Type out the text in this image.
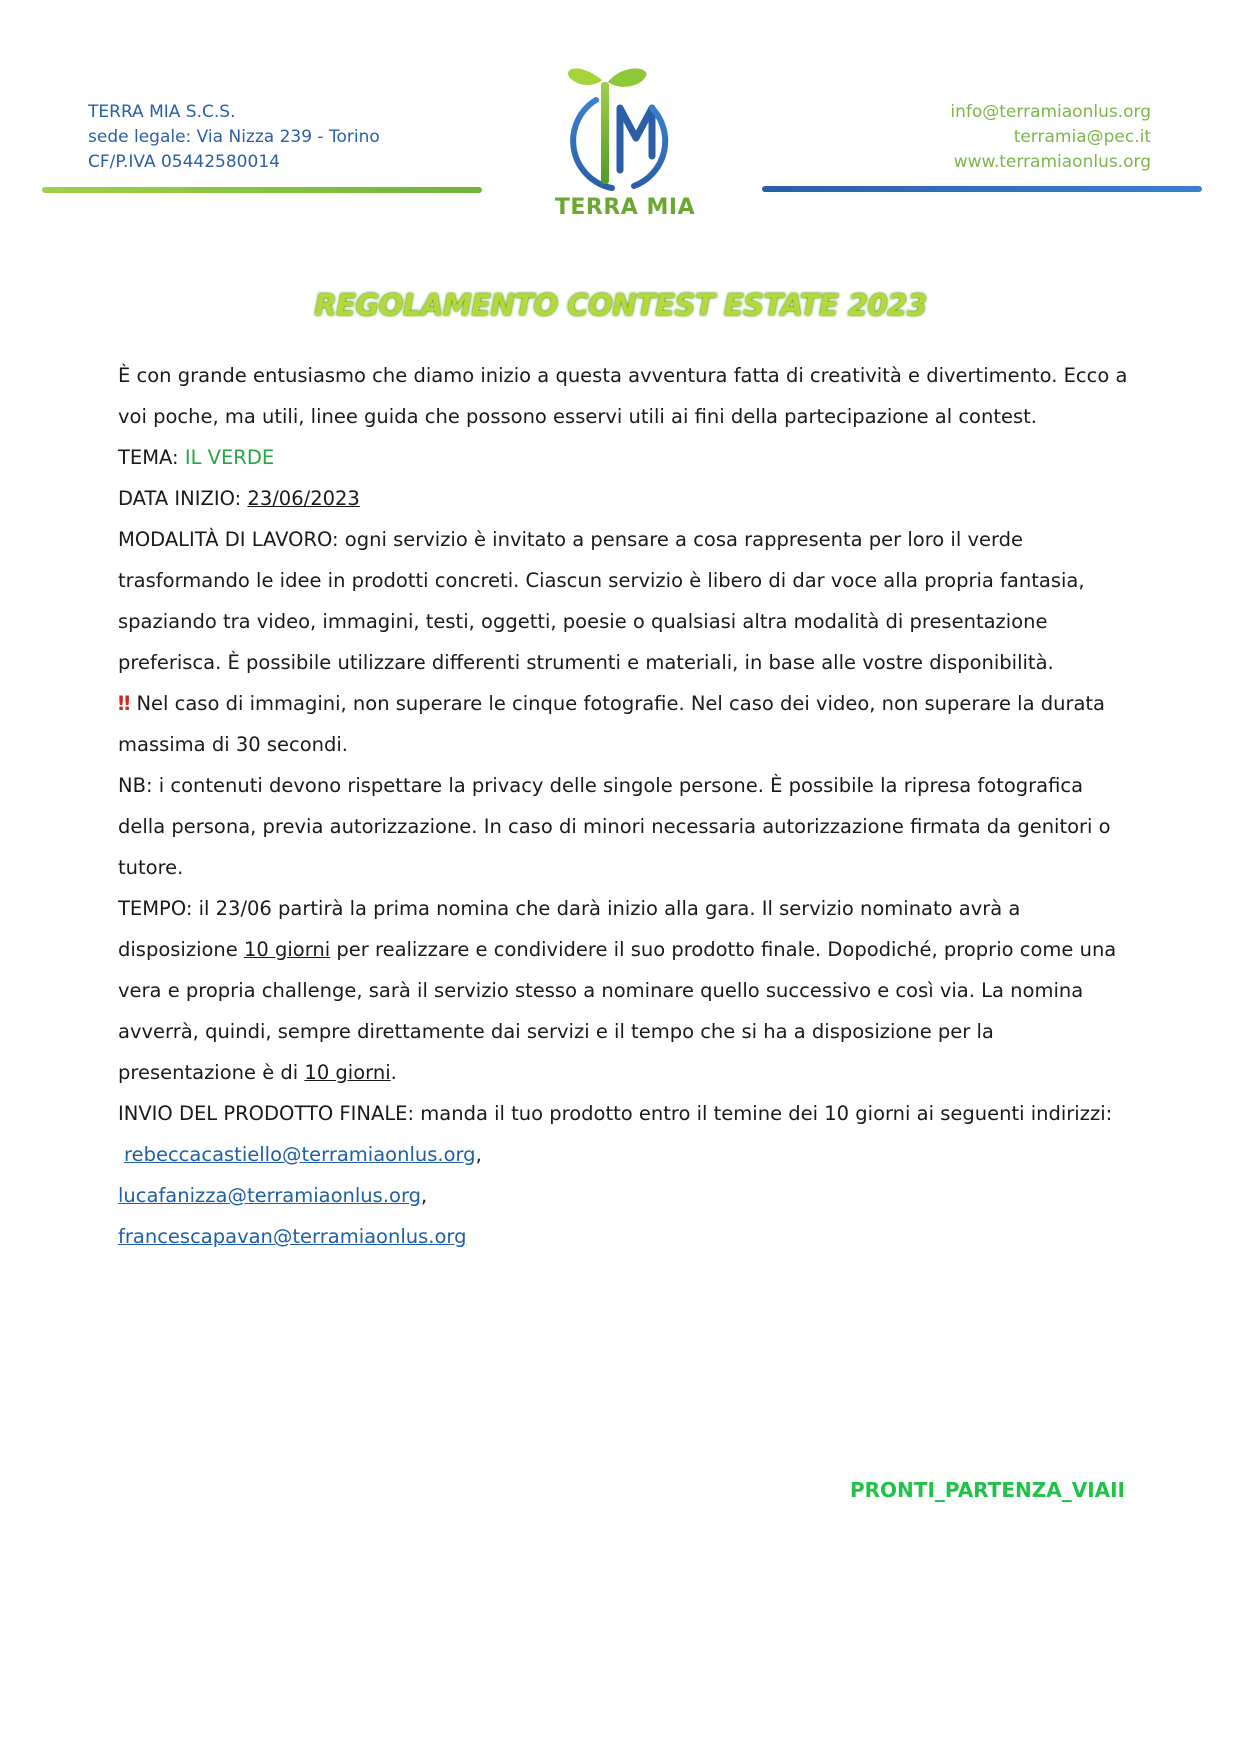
TERRA MIA S.C.S.
sede legale: Via Nizza 239 - Torino
CF/P.IVA 05442580014
TERRA MIA
info@terramiaonlus.org
terramia@pec.it
www.terramiaonlus.org
REGOLAMENTO CONTEST ESTATE 2023

È con grande entusiasmo che diamo inizio a questa avventura fatta di creatività e divertimento. Ecco a voi poche, ma utili, linee guida che possono esservi utili ai fini della partecipazione al contest.

TEMA: IL VERDE

DATA INIZIO: 23/06/2023

MODALITÀ DI LAVORO: ogni servizio è invitato a pensare a cosa rappresenta per loro il verde trasformando le idee in prodotti concreti. Ciascun servizio è libero di dar voce alla propria fantasia, spaziando tra video, immagini, testi, oggetti, poesie o qualsiasi altra modalità di presentazione preferisca. È possibile utilizzare differenti strumenti e materiali, in base alle vostre disponibilità.

‼ Nel caso di immagini, non superare le cinque fotografie. Nel caso dei video, non superare la durata massima di 30 secondi.

NB: i contenuti devono rispettare la privacy delle singole persone. È possibile la ripresa fotografica della persona, previa autorizzazione. In caso di minori necessaria autorizzazione firmata da genitori o tutore.

TEMPO: il 23/06 partirà la prima nomina che darà inizio alla gara. Il servizio nominato avrà a disposizione 10 giorni per realizzare e condividere il suo prodotto finale. Dopodiché, proprio come una vera e propria challenge, sarà il servizio stesso a nominare quello successivo e così via. La nomina avverrà, quindi, sempre direttamente dai servizi e il tempo che si ha a disposizione per la presentazione è di 10 giorni.

INVIO DEL PRODOTTO FINALE: manda il tuo prodotto entro il temine dei 10 giorni ai seguenti indirizzi:

rebeccacastiello@terramiaonlus.org,

lucafanizza@terramiaonlus.org,

francescapavan@terramiaonlus.org

PRONTI_PARTENZA_VIAII
